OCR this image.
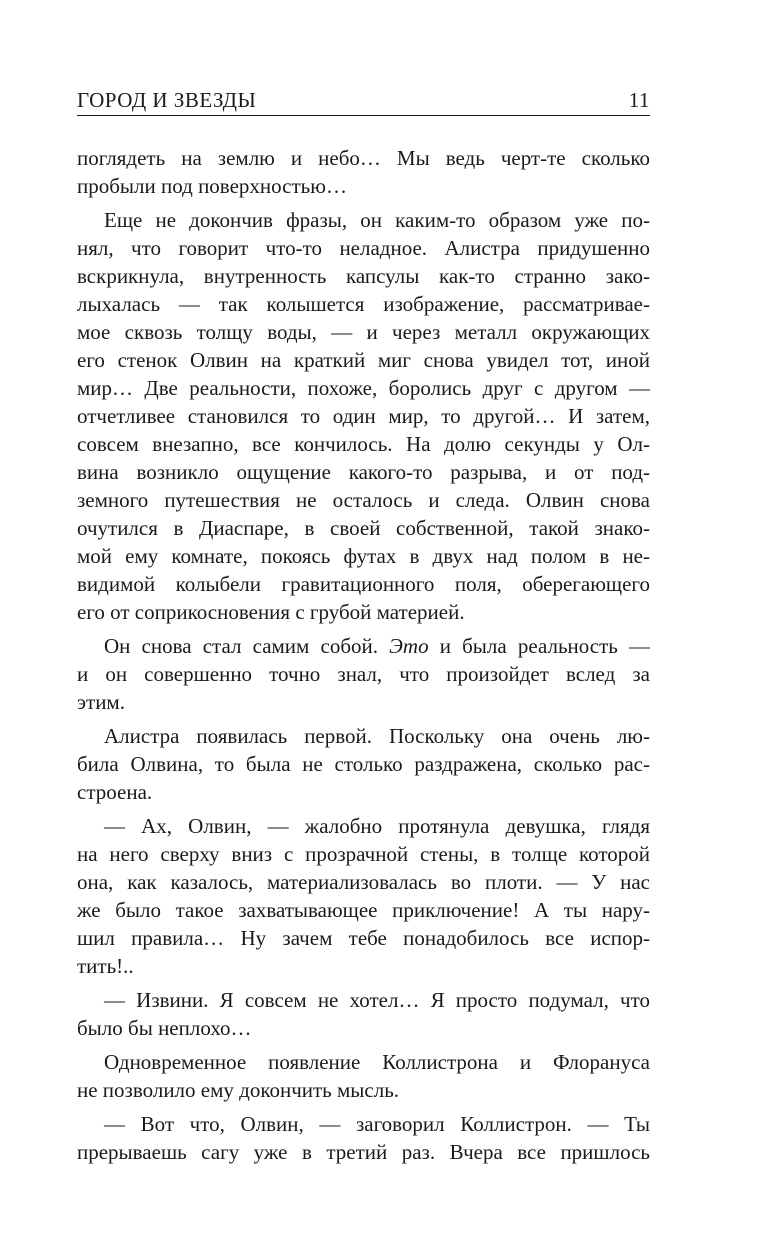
ГОРОД И ЗВЕЗДЫ	11

поглядеть на землю и небо… Мы ведь черт-те сколько
пробыли под поверхностью…

Еще не докончив фразы, он каким-то образом уже по-
нял, что говорит что-то неладное. Алистра придушенно
вскрикнула, внутренность капсулы как-то странно зако-
лыхалась — так колышется изображение, рассматривае-
мое сквозь толщу воды, — и через металл окружающих
его стенок Олвин на краткий миг снова увидел тот, иной
мир… Две реальности, похоже, боролись друг с другом —
отчетливее становился то один мир, то другой… И затем,
совсем внезапно, все кончилось. На долю секунды у Ол-
вина возникло ощущение какого-то разрыва, и от под-
земного путешествия не осталось и следа. Олвин снова
очутился в Диаспаре, в своей собственной, такой знако-
мой ему комнате, покоясь футах в двух над полом в не-
видимой колыбели гравитационного поля, оберегающего
его от соприкосновения с грубой материей.

Он снова стал самим собой. Это и была реальность —
и он совершенно точно знал, что произойдет вслед за
этим.

Алистра появилась первой. Поскольку она очень лю-
била Олвина, то была не столько раздражена, сколько рас-
строена.

— Ах, Олвин, — жалобно протянула девушка, глядя
на него сверху вниз с прозрачной стены, в толще которой
она, как казалось, материализовалась во плоти. — У нас
же было такое захватывающее приключение! А ты нару-
шил правила… Ну зачем тебе понадобилось все испор-
тить!..

— Извини. Я совсем не хотел… Я просто подумал, что
было бы неплохо…

Одновременное появление Коллистрона и Флорануса
не позволило ему докончить мысль.

— Вот что, Олвин, — заговорил Коллистрон. — Ты
прерываешь сагу уже в третий раз. Вчера все пришлось
